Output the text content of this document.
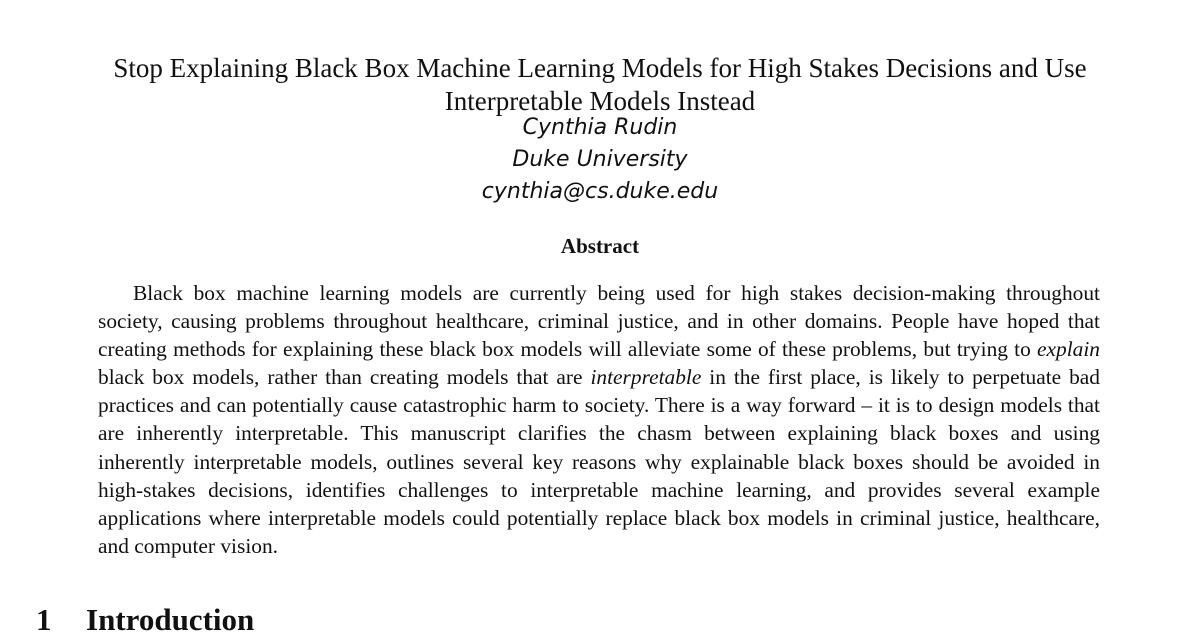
Stop Explaining Black Box Machine Learning Models for High Stakes Decisions and Use
Interpretable Models Instead
Cynthia Rudin
Duke University
cynthia@cs.duke.edu
Abstract

Black box machine learning models are currently being used for high stakes decision-making throughout society, causing problems throughout healthcare, criminal justice, and in other domains. People have hoped that creating methods for explaining these black box models will alleviate some of these problems, but trying to explain black box models, rather than creating models that are interpretable in the first place, is likely to perpetuate bad practices and can potentially cause catastrophic harm to society. There is a way forward – it is to design models that are inherently interpretable. This manuscript clarifies the chasm between explaining black boxes and using inherently interpretable models, outlines several key reasons why explainable black boxes should be avoided in high-stakes decisions, identifies challenges to interpretable machine learning, and provides several example applications where interpretable models could potentially replace black box models in criminal justice, healthcare, and computer vision.

1 Introduction
